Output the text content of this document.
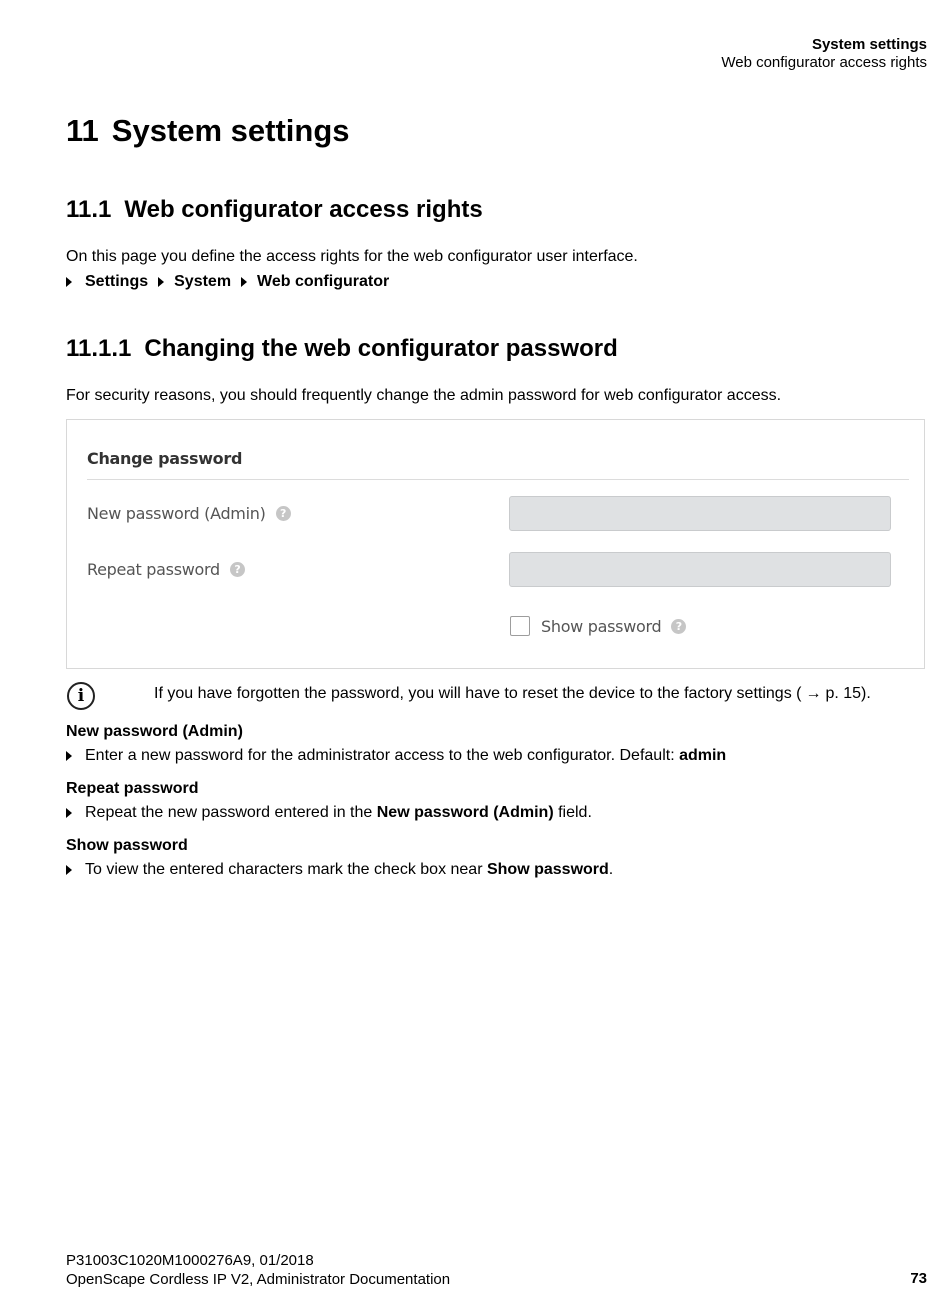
System settings
Web configurator access rights
11 System settings
11.1 Web configurator access rights
On this page you define the access rights for the web configurator user interface.
Settings System Web configurator
11.1.1 Changing the web configurator password
For security reasons, you should frequently change the admin password for web configurator access.
Change password
New password (Admin)	?
Repeat password	?
Show password	?
i	If you have forgotten the password, you will have to reset the device to the factory settings ( → p. 15).
New password (Admin)
Enter a new password for the administrator access to the web configurator. Default: admin
Repeat password
Repeat the new password entered in the New password (Admin) field.
Show password
To view the entered characters mark the check box near Show password .
P31003C1020M1000276A9, 01/2018
OpenScape Cordless IP V2, Administrator Documentation	73
